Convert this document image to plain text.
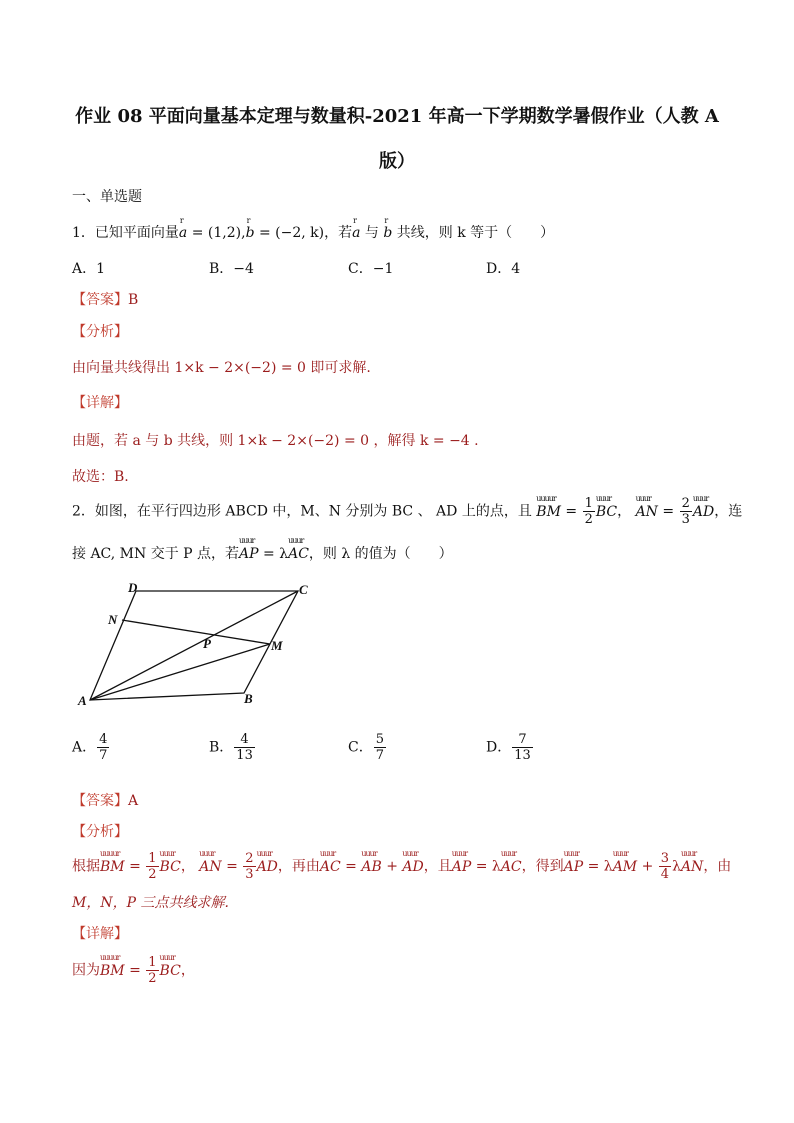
作业 08 平面向量基本定理与数量积-2021 年高一下学期数学暑假作业（人教 A
版）
一、单选题
1．已知平面向量r a = (1,2),r b = (−2, k)，若r a 与 r b 共线，则 k 等于（　　）
A．1	B．−4	C．−1	D．4
【答案】B
【分析】
由向量共线得出 1×k − 2×(−2) = 0 即可求解.
【详解】
由题，若 a 与 b 共线，则 1×k − 2×(−2) = 0 ，解得 k = −4 .
故选：B.
2．如图，在平行四边形 ABCD 中，M、N 分别为 BC 、 AD 上的点，且 uuuur BM = $\frac{1}{2}$ uuur BC， uuur AN = $\frac{2}{3}$ uuur AD，连
接 AC, MN 交于 P 点，若uuur AP = λuuur AC，则 λ 的值为（　　）
D	C
N
P	M
A	B
A． $\frac{4}{7}$	B． $\frac{4}{13}$	C． $\frac{5}{7}$	D． $\frac{7}{13}$
【答案】A
【分析】
根据uuuur BM = $\frac{1}{2}$ uuur BC， uuur AN = $\frac{2}{3}$ uuur AD，再由uuur AC = uuur AB + uuur AD，且uuur AP = λuuur AC，得到uuur AP = λuuur AM + $\frac{3}{4}$ λuuur AN，由
M，N，P 三点共线求解.
【详解】
因为uuuur BM = $\frac{1}{2}$ uuur BC，
